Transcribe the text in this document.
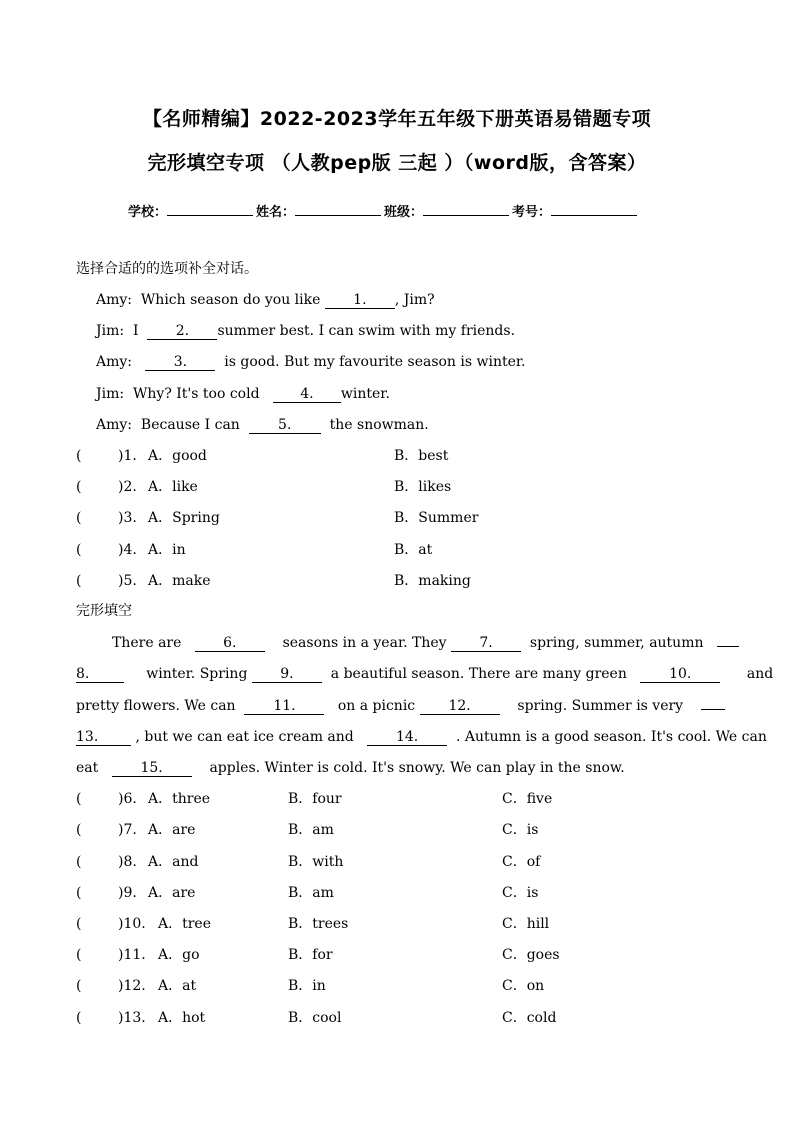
【名师精编】2022-2023学年五年级下册英语易错题专项
完形填空专项 （人教pep版 三起 ）（word版，含答案）
学校：	姓名：	班级：	考号：
选择合适的的选项补全对话。
Amy: Which season do you like 1. , Jim?
Jim: I	2. summer best. I can swim with my friends.
Amy:	3.	is good. But my favourite season is winter.
Jim: Why? It's too cold	4. winter.
Amy: Because I can	5.	the snowman.
(	)1. A．good	B．best
(	)2. A．like	B．likes
(	)3. A．Spring	B．Summer
(	)4. A．in	B．at
(	)5. A．make	B．making
完形填空
There are	6.	seasons in a year. They 7.	spring, summer, autumn
8.	winter. Spring 9.	a beautiful season. There are many green	10.	and
pretty flowers. We can	11.	on a picnic 12.	spring. Summer is very
13.	, but we can eat ice cream and	14.	. Autumn is a good season. It's cool. We can
eat	15.	apples. Winter is cold. It's snowy. We can play in the snow.
(	)6. A．three	B．four	C．five
(	)7. A．are	B．am	C．is
(	)8. A．and	B．with	C．of
(	)9. A．are	B．am	C．is
(	)10. A．tree	B．trees	C．hill
(	)11. A．go	B．for	C．goes
(	)12. A．at	B．in	C．on
(	)13. A．hot	B．cool	C．cold
